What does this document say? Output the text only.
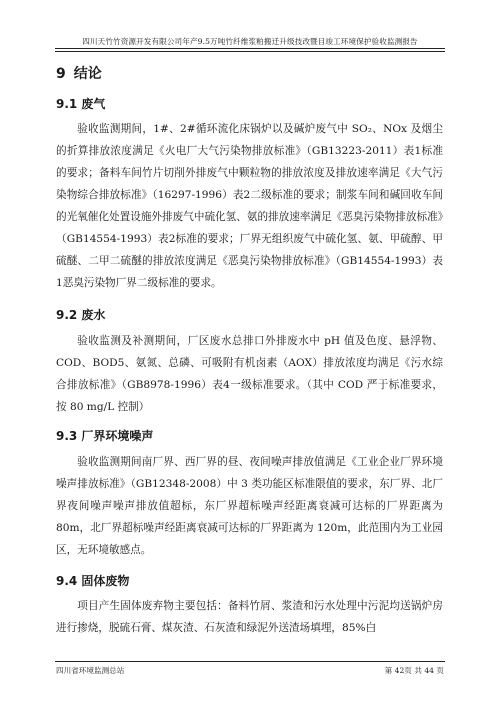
四川天竹竹资源开发有限公司年产9.5万吨竹纤维浆粕搬迁升级技改暨目竣工环境保护验收监测报告
9 结论
9.1 废气
验收监测期间，1#、2#循环流化床锅炉以及碱炉废气中 SO₂、NOx 及烟尘的折算排放浓度满足《火电厂大气污染物排放标准》（GB13223-2011）表1标准的要求；备料车间竹片切削外排废气中颗粒物的排放浓度及排放速率满足《大气污染物综合排放标准》（16297-1996）表2二级标准的要求；制浆车间和碱回收车间的光氧催化处置设施外排废气中硫化氢、氨的排放速率满足《恶臭污染物排放标准》（GB14554-1993）表2标准的要求；厂界无组织废气中硫化氢、氨、甲硫醇、甲硫醚、二甲二硫醚的排放浓度满足《恶臭污染物排放标准》（GB14554-1993）表1恶臭污染物厂界二级标准的要求。
9.2 废水
验收监测及补测期间，厂区废水总排口外排废水中 pH 值及色度、悬浮物、COD、BOD5、氨氮、总磷、可吸附有机卤素（AOX）排放浓度均满足《污水综合排放标准》（GB8978-1996）表4一级标准要求。（其中 COD 严于标准要求，按 80 mg/L 控制）
9.3 厂界环境噪声
验收监测期间南厂界、西厂界的昼、夜间噪声排放值满足《工业企业厂界环境噪声排放标准》（GB12348-2008）中 3 类功能区标准限值的要求，东厂界、北厂界夜间噪声噪声排放值超标，东厂界超标噪声经距离衰减可达标的厂界距离为 80m，北厂界超标噪声经距离衰减可达标的厂界距离为 120m，此范围内为工业园区，无环境敏感点。
9.4 固体废物
项目产生固体废弃物主要包括：备料竹屑、浆渣和污水处理中污泥均送锅炉房进行掺烧，脱硫石膏、煤灰渣、石灰渣和绿泥外送渣场填埋，85%白
四川省环境监测总站	第 42页 共 44 页
